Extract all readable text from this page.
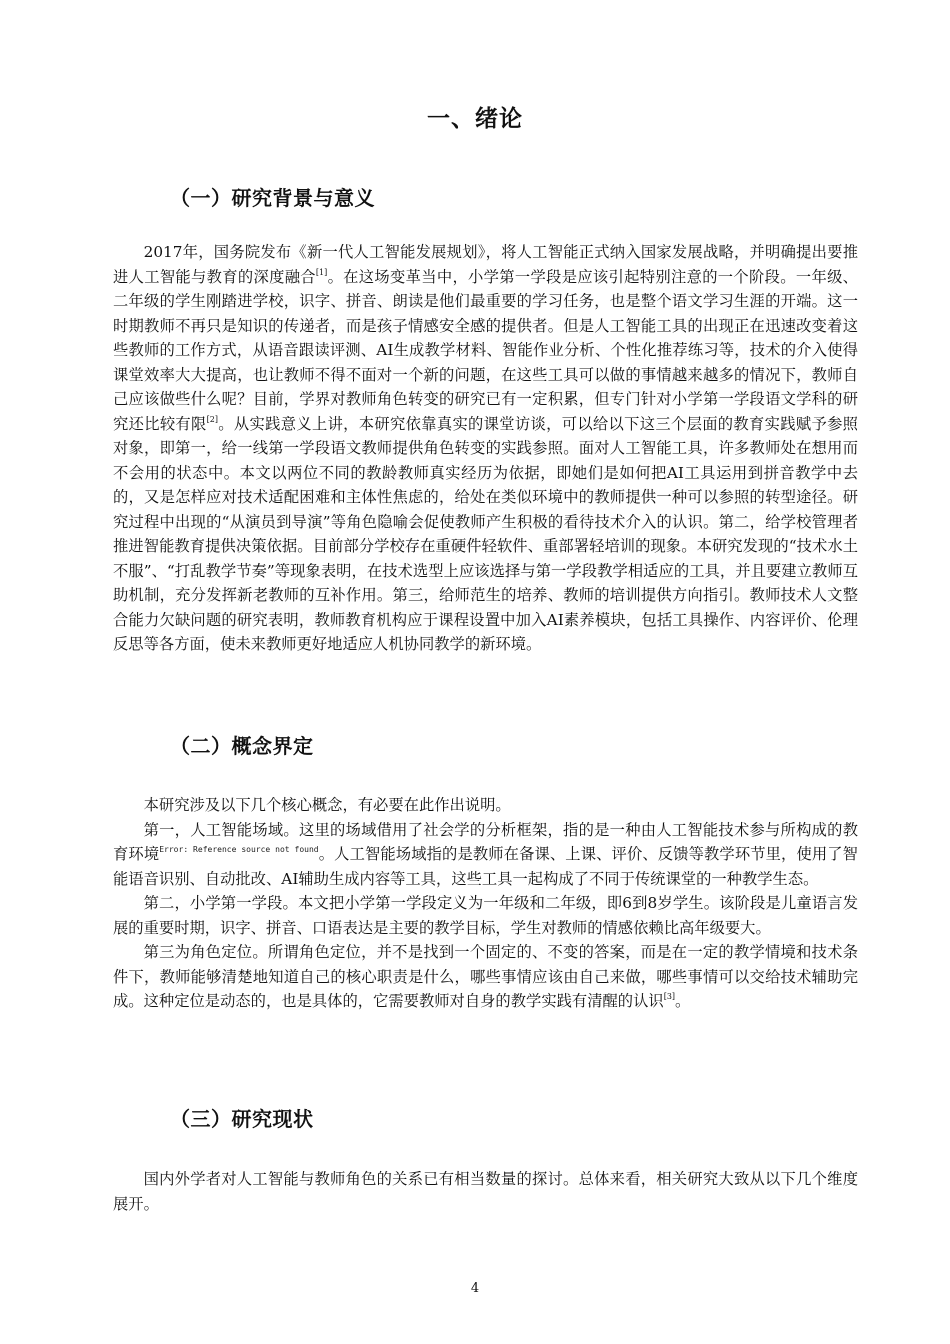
一、绪论
（一）研究背景与意义

2017年，国务院发布《新一代人工智能发展规划》，将人工智能正式纳入国家发展战略，并明确提出要推进人工智能与教育的深度融合[1]。在这场变革当中，小学第一学段是应该引起特别注意的一个阶段。一年级、二年级的学生刚踏进学校，识字、拼音、朗读是他们最重要的学习任务，也是整个语文学习生涯的开端。这一时期教师不再只是知识的传递者，而是孩子情感安全感的提供者。但是人工智能工具的出现正在迅速改变着这些教师的工作方式，从语音跟读评测、AI生成教学材料、智能作业分析、个性化推荐练习等，技术的介入使得课堂效率大大提高，也让教师不得不面对一个新的问题，在这些工具可以做的事情越来越多的情况下，教师自己应该做些什么呢？目前，学界对教师角色转变的研究已有一定积累，但专门针对小学第一学段语文学科的研究还比较有限[2]。从实践意义上讲，本研究依靠真实的课堂访谈，可以给以下这三个层面的教育实践赋予参照对象，即第一，给一线第一学段语文教师提供角色转变的实践参照。面对人工智能工具，许多教师处在想用而不会用的状态中。本文以两位不同的教龄教师真实经历为依据，即她们是如何把AI工具运用到拼音教学中去的，又是怎样应对技术适配困难和主体性焦虑的，给处在类似环境中的教师提供一种可以参照的转型途径。研究过程中出现的“从演员到导演”等角色隐喻会促使教师产生积极的看待技术介入的认识。第二，给学校管理者推进智能教育提供决策依据。目前部分学校存在重硬件轻软件、重部署轻培训的现象。本研究发现的“技术水土不服”、“打乱教学节奏”等现象表明，在技术选型上应该选择与第一学段教学相适应的工具，并且要建立教师互助机制，充分发挥新老教师的互补作用。第三，给师范生的培养、教师的培训提供方向指引。教师技术人文整合能力欠缺问题的研究表明，教师教育机构应于课程设置中加入AI素养模块，包括工具操作、内容评价、伦理反思等各方面，使未来教师更好地适应人机协同教学的新环境。

（二）概念界定

本研究涉及以下几个核心概念，有必要在此作出说明。

第一，人工智能场域。这里的场域借用了社会学的分析框架，指的是一种由人工智能技术参与所构成的教育环境$^{Error: Reference source not found}$。人工智能场域指的是教师在备课、上课、评价、反馈等教学环节里，使用了智能语音识别、自动批改、AI辅助生成内容等工具，这些工具一起构成了不同于传统课堂的一种教学生态。

第二，小学第一学段。本文把小学第一学段定义为一年级和二年级，即6到8岁学生。该阶段是儿童语言发展的重要时期，识字、拼音、口语表达是主要的教学目标，学生对教师的情感依赖比高年级要大。

第三为角色定位。所谓角色定位，并不是找到一个固定的、不变的答案，而是在一定的教学情境和技术条件下，教师能够清楚地知道自己的核心职责是什么，哪些事情应该由自己来做，哪些事情可以交给技术辅助完成。这种定位是动态的，也是具体的，它需要教师对自身的教学实践有清醒的认识[3]。

（三）研究现状

国内外学者对人工智能与教师角色的关系已有相当数量的探讨。总体来看，相关研究大致从以下几个维度展开。

4
